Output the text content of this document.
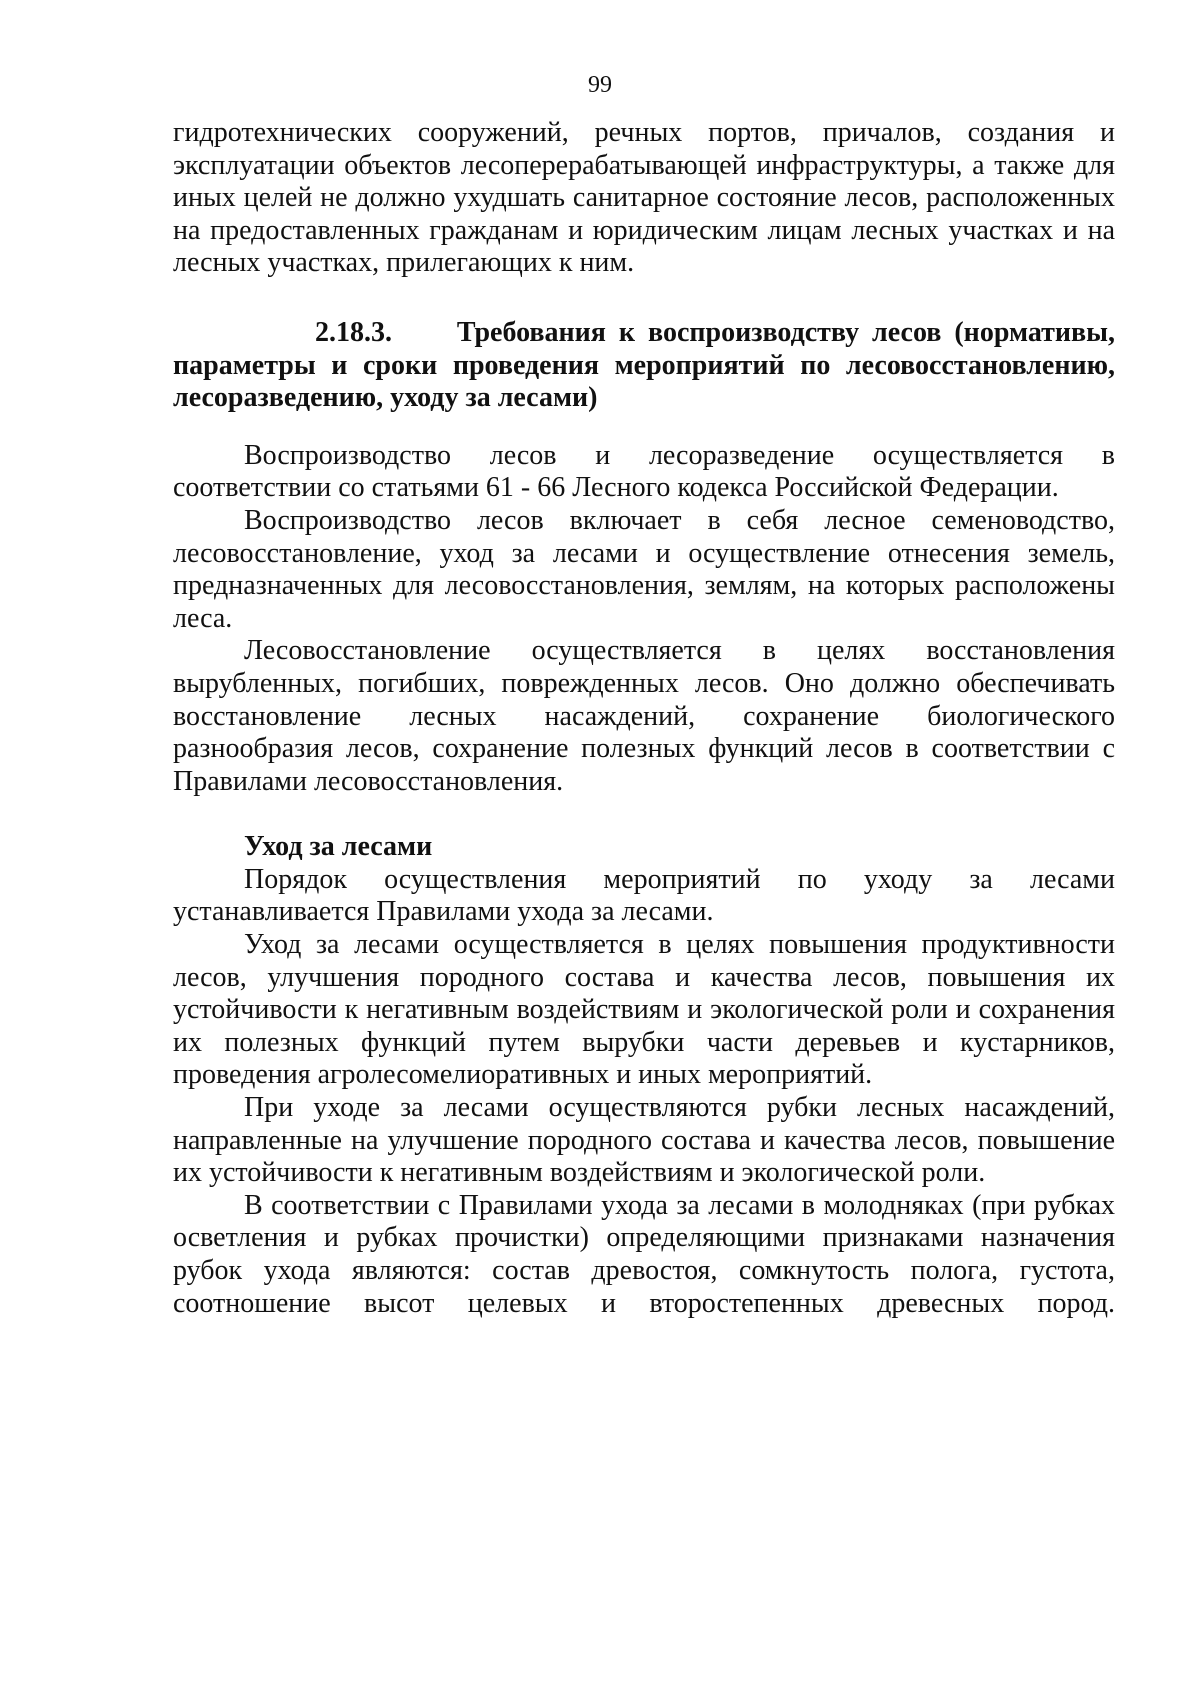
99

гидротехнических сооружений, речных портов, причалов, создания и эксплуатации объектов лесоперерабатывающей инфраструктуры, а также для иных целей не должно ухудшать санитарное состояние лесов, расположенных на предоставленных гражданам и юридическим лицам лесных участках и на лесных участках, прилегающих к ним.

2.18.3. Требования к воспроизводству лесов (нормативы, параметры и сроки проведения мероприятий по лесовосстановлению, лесоразведению, уходу за лесами)

Воспроизводство лесов и лесоразведение осуществляется в соответствии со статьями 61 - 66 Лесного кодекса Российской Федерации.

Воспроизводство лесов включает в себя лесное семеноводство, лесовосстановление, уход за лесами и осуществление отнесения земель, предназначенных для лесовосстановления, землям, на которых расположены леса.

Лесовосстановление осуществляется в целях восстановления вырубленных, погибших, поврежденных лесов. Оно должно обеспечивать восстановление лесных насаждений, сохранение биологического разнообразия лесов, сохранение полезных функций лесов в соответствии с Правилами лесовосстановления.

Уход за лесами

Порядок осуществления мероприятий по уходу за лесами устанавливается Правилами ухода за лесами.

Уход за лесами осуществляется в целях повышения продуктивности лесов, улучшения породного состава и качества лесов, повышения их устойчивости к негативным воздействиям и экологической роли и сохранения их полезных функций путем вырубки части деревьев и кустарников, проведения агролесомелиоративных и иных мероприятий.

При уходе за лесами осуществляются рубки лесных насаждений, направленные на улучшение породного состава и качества лесов, повышение их устойчивости к негативным воздействиям и экологической роли.

В соответствии с Правилами ухода за лесами в молодняках (при рубках осветления и рубках прочистки) определяющими признаками назначения рубок ухода являются: состав древостоя, сомкнутость полога, густота, соотношение высот целевых и второстепенных древесных пород.
